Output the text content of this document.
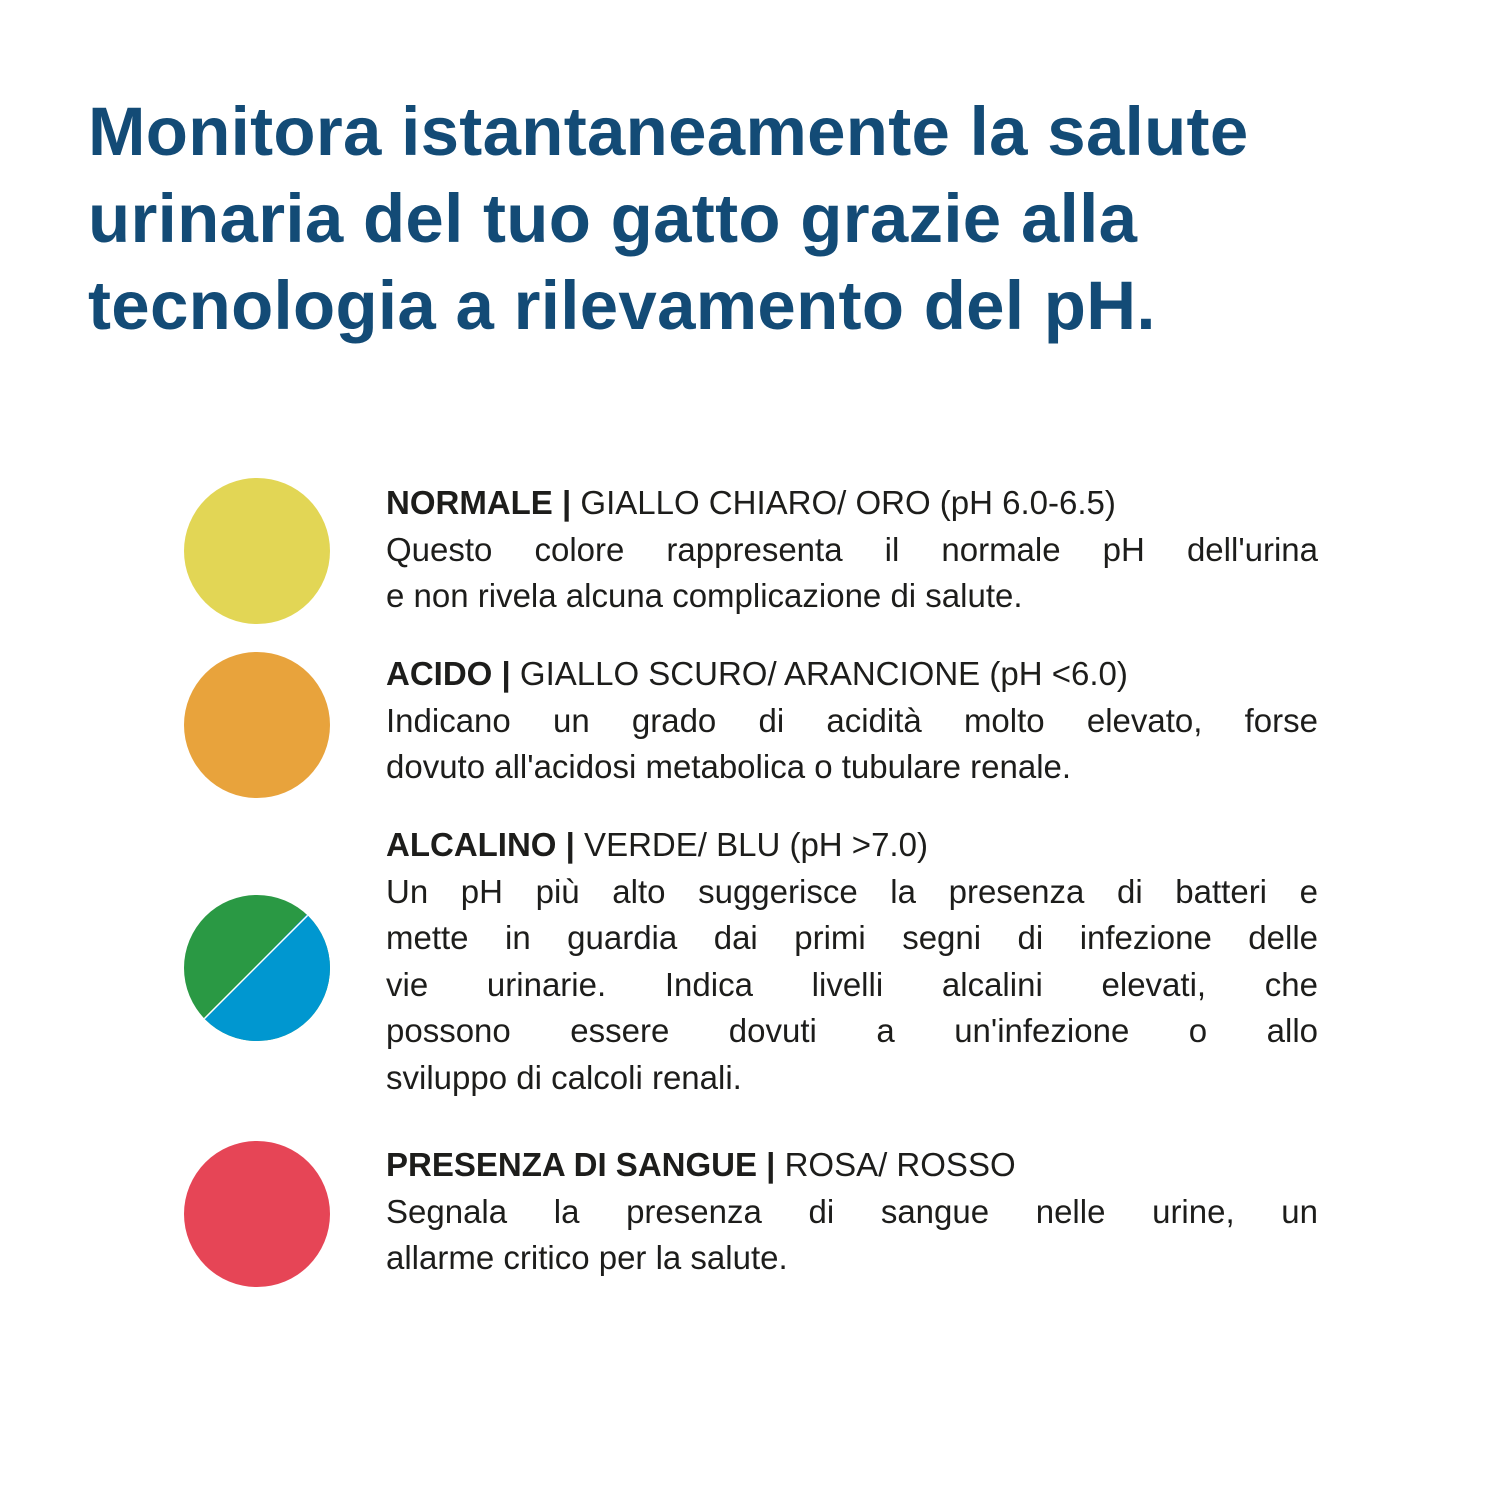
Monitora istantaneamente la salute
urinaria del tuo gatto grazie alla
tecnologia a rilevamento del pH.
NORMALE | GIALLO CHIARO/ ORO (pH 6.0-6.5)
Questo colore rappresenta il normale pH dell'urina
e non rivela alcuna complicazione di salute.
ACIDO | GIALLO SCURO/ ARANCIONE (pH <6.0)
Indicano un grado di acidità molto elevato, forse
dovuto all'acidosi metabolica o tubulare renale.
ALCALINO | VERDE/ BLU (pH >7.0)
Un pH più alto suggerisce la presenza di batteri e
mette in guardia dai primi segni di infezione delle
vie urinarie. Indica livelli alcalini elevati, che
possono essere dovuti a un'infezione o allo
sviluppo di calcoli renali.
PRESENZA DI SANGUE | ROSA/ ROSSO
Segnala la presenza di sangue nelle urine, un
allarme critico per la salute.
